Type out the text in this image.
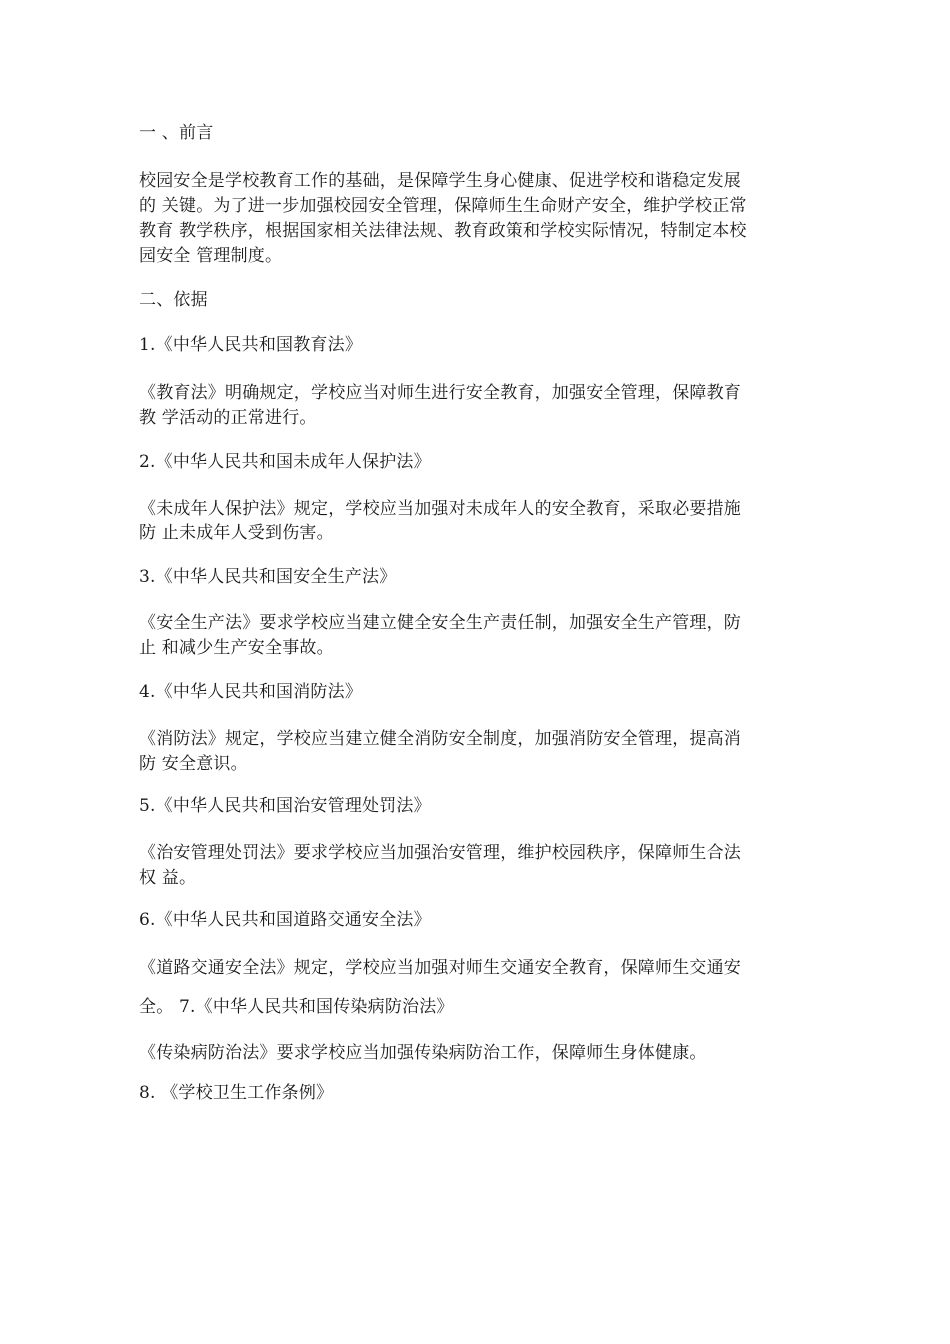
一 、前言
校园安全是学校教育工作的基础，是保障学生身心健康、促进学校和谐稳定发展
的 关键。为了进一步加强校园安全管理，保障师生生命财产安全，维护学校正常
教育 教学秩序，根据国家相关法律法规、教育政策和学校实际情况，特制定本校
园安全 管理制度。
二、依据
1.《中华人民共和国教育法》
《教育法》明确规定，学校应当对师生进行安全教育，加强安全管理，保障教育
教 学活动的正常进行。
2.《中华人民共和国未成年人保护法》
《未成年人保护法》规定，学校应当加强对未成年人的安全教育，采取必要措施
防 止未成年人受到伤害。
3.《中华人民共和国安全生产法》
《安全生产法》要求学校应当建立健全安全生产责任制，加强安全生产管理，防
止 和减少生产安全事故。
4.《中华人民共和国消防法》
《消防法》规定，学校应当建立健全消防安全制度，加强消防安全管理，提高消
防 安全意识。
5.《中华人民共和国治安管理处罚法》
《治安管理处罚法》要求学校应当加强治安管理，维护校园秩序，保障师生合法
权 益。
6.《中华人民共和国道路交通安全法》
《道路交通安全法》规定，学校应当加强对师生交通安全教育，保障师生交通安
全。 7.《中华人民共和国传染病防治法》
《传染病防治法》要求学校应当加强传染病防治工作，保障师生身体健康。
8. 《学校卫生工作条例》
